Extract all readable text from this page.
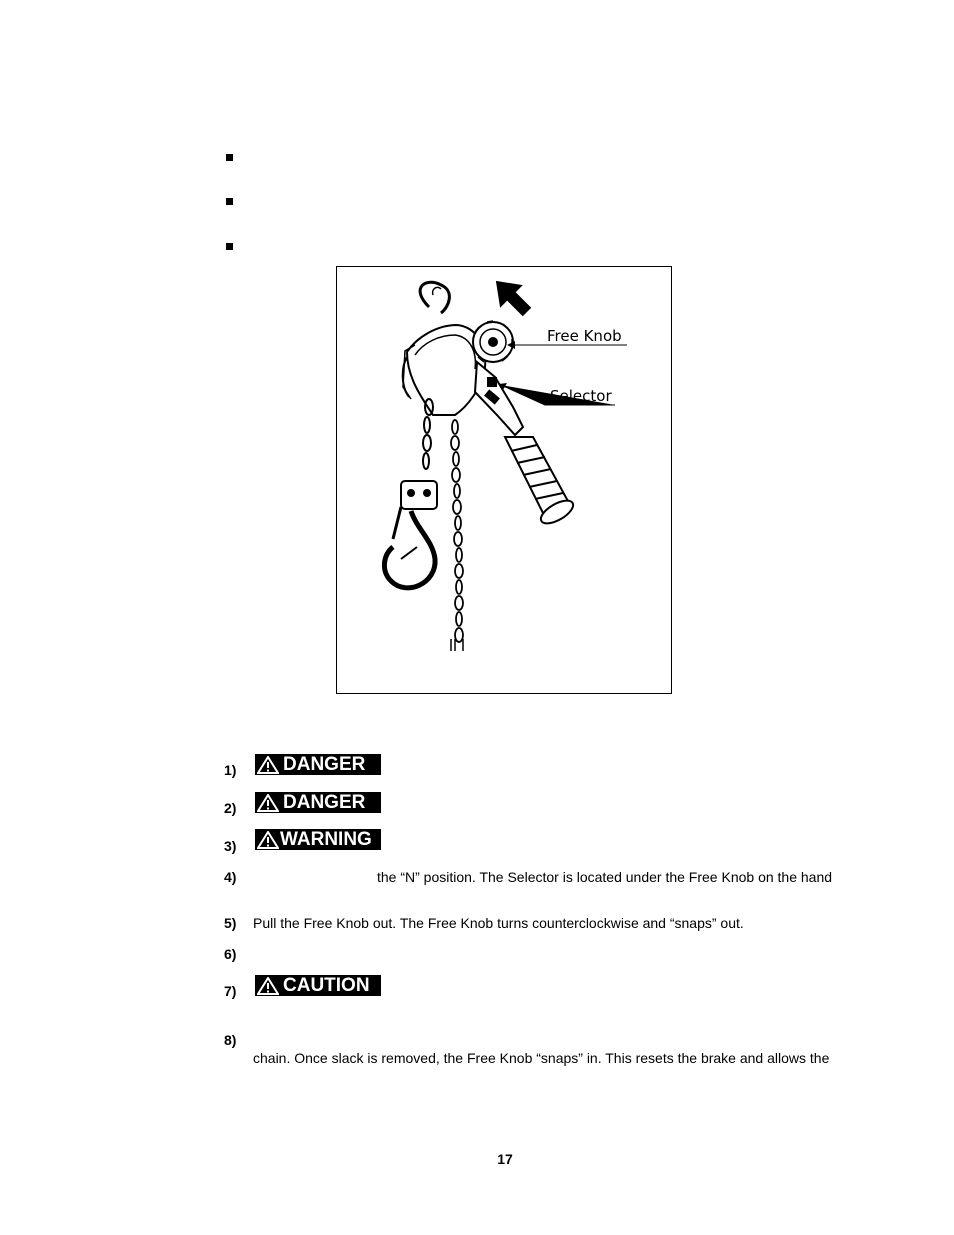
Free Knob
Selector
1) DANGER
2) DANGER
3) WARNING
4)	the “N” position. The Selector is located under the Free Knob on the hand
5) Pull the Free Knob out. The Free Knob turns counterclockwise and “snaps” out.
6)
7) CAUTION
8)
chain. Once slack is removed, the Free Knob “snaps” in. This resets the brake and allows the
17
